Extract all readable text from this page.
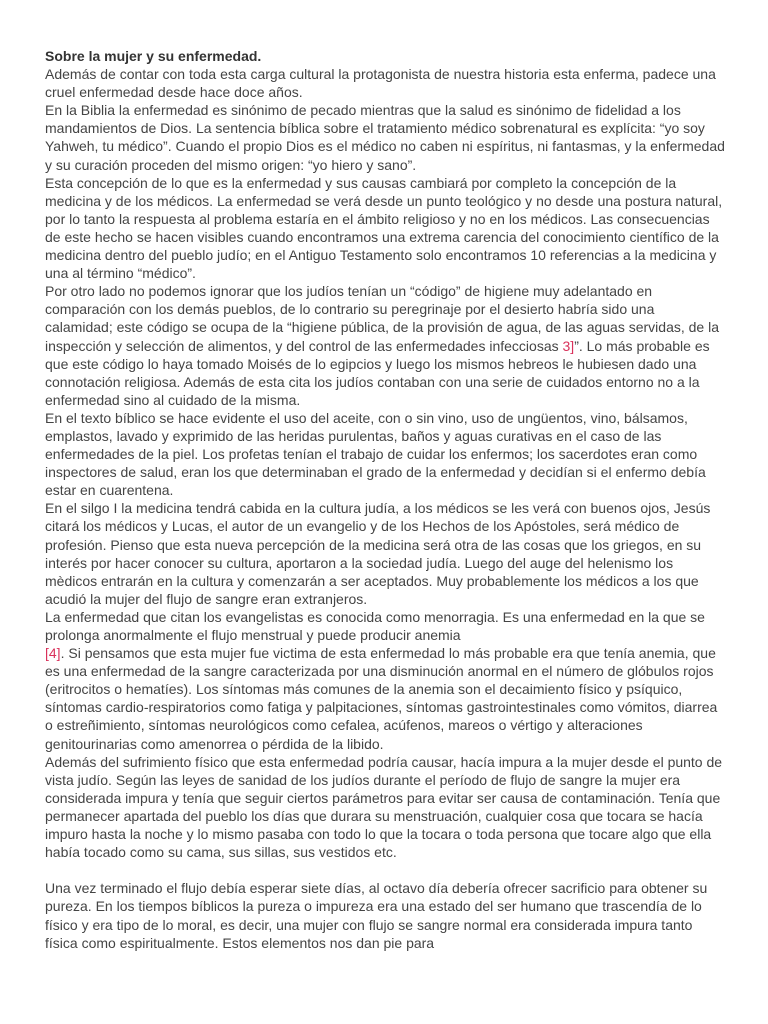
Sobre la mujer y su enfermedad.

Además de contar con toda esta carga cultural la protagonista de nuestra historia esta enferma, padece una cruel enfermedad desde hace doce años.

En la Biblia la enfermedad es sinónimo de pecado mientras que la salud es sinónimo de fidelidad a los mandamientos de Dios. La sentencia bíblica sobre el tratamiento médico sobrenatural es explícita: “yo soy Yahweh, tu médico”. Cuando el propio Dios es el médico no caben ni espíritus, ni fantasmas, y la enfermedad y su curación proceden del mismo origen: “yo hiero y sano”.

Esta concepción de lo que es la enfermedad y sus causas cambiará por completo la concepción de la medicina y de los médicos. La enfermedad se verá desde un punto teológico y no desde una postura natural, por lo tanto la respuesta al problema estaría en el ámbito religioso y no en los médicos. Las consecuencias de este hecho se hacen visibles cuando encontramos una extrema carencia del conocimiento científico de la medicina dentro del pueblo judío; en el Antiguo Testamento solo encontramos 10 referencias a la medicina y una al término “médico”.

Por otro lado no podemos ignorar que los judíos tenían un “código” de higiene muy adelantado en comparación con los demás pueblos, de lo contrario su peregrinaje por el desierto habría sido una calamidad; este código se ocupa de la “higiene pública, de la provisión de agua, de las aguas servidas, de la inspección y selección de alimentos, y del control de las enfermedades infecciosas 3]”. Lo más probable es que este código lo haya tomado Moisés de lo egipcios y luego los mismos hebreos le hubiesen dado una connotación religiosa. Además de esta cita los judíos contaban con una serie de cuidados entorno no a la enfermedad sino al cuidado de la misma.

En el texto bíblico se hace evidente el uso del aceite, con o sin vino, uso de ungüentos, vino, bálsamos, emplastos, lavado y exprimido de las heridas purulentas, baños y aguas curativas en el caso de las enfermedades de la piel. Los profetas tenían el trabajo de cuidar los enfermos; los sacerdotes eran como inspectores de salud, eran los que determinaban el grado de la enfermedad y decidían si el enfermo debía estar en cuarentena.

En el silgo I la medicina tendrá cabida en la cultura judía, a los médicos se les verá con buenos ojos, Jesús citará los médicos y Lucas, el autor de un evangelio y de los Hechos de los Apóstoles, será médico de profesión. Pienso que esta nueva percepción de la medicina será otra de las cosas que los griegos, en su interés por hacer conocer su cultura, aportaron a la sociedad judía. Luego del auge del helenismo los mèdicos entrarán en la cultura y comenzarán a ser aceptados. Muy probablemente los médicos a los que acudió la mujer del flujo de sangre eran extranjeros.

La enfermedad que citan los evangelistas es conocida como menorragia. Es una enfermedad en la que se prolonga anormalmente el flujo menstrual y puede producir anemia

[4]. Si pensamos que esta mujer fue victima de esta enfermedad lo más probable era que tenía anemia, que es una enfermedad de la sangre caracterizada por una disminución anormal en el número de glóbulos rojos (eritrocitos o hematíes). Los síntomas más comunes de la anemia son el decaimiento físico y psíquico, síntomas cardio-respiratorios como fatiga y palpitaciones, síntomas gastrointestinales como vómitos, diarrea o estreñimiento, síntomas neurológicos como cefalea, acúfenos, mareos o vértigo y alteraciones genitourinarias como amenorrea o pérdida de la libido.

Además del sufrimiento físico que esta enfermedad podría causar, hacía impura a la mujer desde el punto de vista judío. Según las leyes de sanidad de los judíos durante el período de flujo de sangre la mujer era considerada impura y tenía que seguir ciertos parámetros para evitar ser causa de contaminación. Tenía que permanecer apartada del pueblo los días que durara su menstruación, cualquier cosa que tocara se hacía impuro hasta la noche y lo mismo pasaba con todo lo que la tocara o toda persona que tocare algo que ella había tocado como su cama, sus sillas, sus vestidos etc.

Una vez terminado el flujo debía esperar siete días, al octavo día debería ofrecer sacrificio para obtener su pureza. En los tiempos bíblicos la pureza o impureza era una estado del ser humano que trascendía de lo físico y era tipo de lo moral, es decir, una mujer con flujo se sangre normal era considerada impura tanto física como espiritualmente. Estos elementos nos dan pie para
